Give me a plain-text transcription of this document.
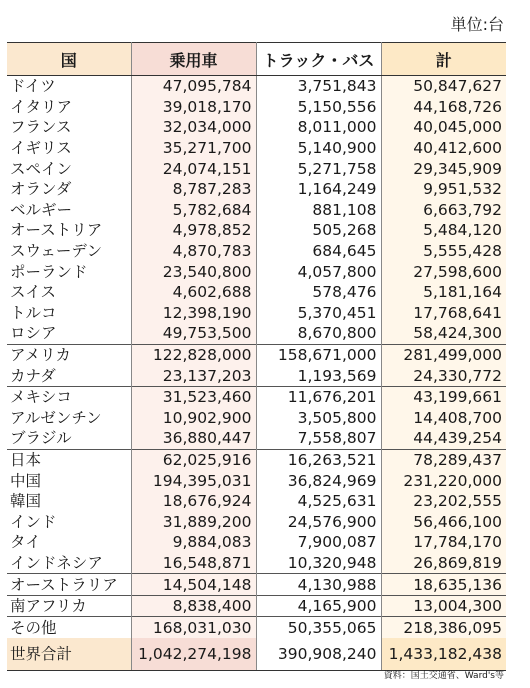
単位:台
国	乗用車	トラック・バス	計
ドイツ	47,095,784	3,751,843	50,847,627
イタリア	39,018,170	5,150,556	44,168,726
フランス	32,034,000	8,011,000	40,045,000
イギリス	35,271,700	5,140,900	40,412,600
スペイン	24,074,151	5,271,758	29,345,909
オランダ	8,787,283	1,164,249	9,951,532
ベルギー	5,782,684	881,108	6,663,792
オーストリア	4,978,852	505,268	5,484,120
スウェーデン	4,870,783	684,645	5,555,428
ポーランド	23,540,800	4,057,800	27,598,600
スイス	4,602,688	578,476	5,181,164
トルコ	12,398,190	5,370,451	17,768,641
ロシア	49,753,500	8,670,800	58,424,300
アメリカ	122,828,000	158,671,000	281,499,000
カナダ	23,137,203	1,193,569	24,330,772
メキシコ	31,523,460	11,676,201	43,199,661
アルゼンチン	10,902,900	3,505,800	14,408,700
ブラジル	36,880,447	7,558,807	44,439,254
日本	62,025,916	16,263,521	78,289,437
中国	194,395,031	36,824,969	231,220,000
韓国	18,676,924	4,525,631	23,202,555
インド	31,889,200	24,576,900	56,466,100
タイ	9,884,083	7,900,087	17,784,170
インドネシア	16,548,871	10,320,948	26,869,819
オーストラリア	14,504,148	4,130,988	18,635,136
南アフリカ	8,838,400	4,165,900	13,004,300
その他	168,031,030	50,355,065	218,386,095
世界合計	1,042,274,198	390,908,240	1,433,182,438
資料：国土交通省、Ward's等
